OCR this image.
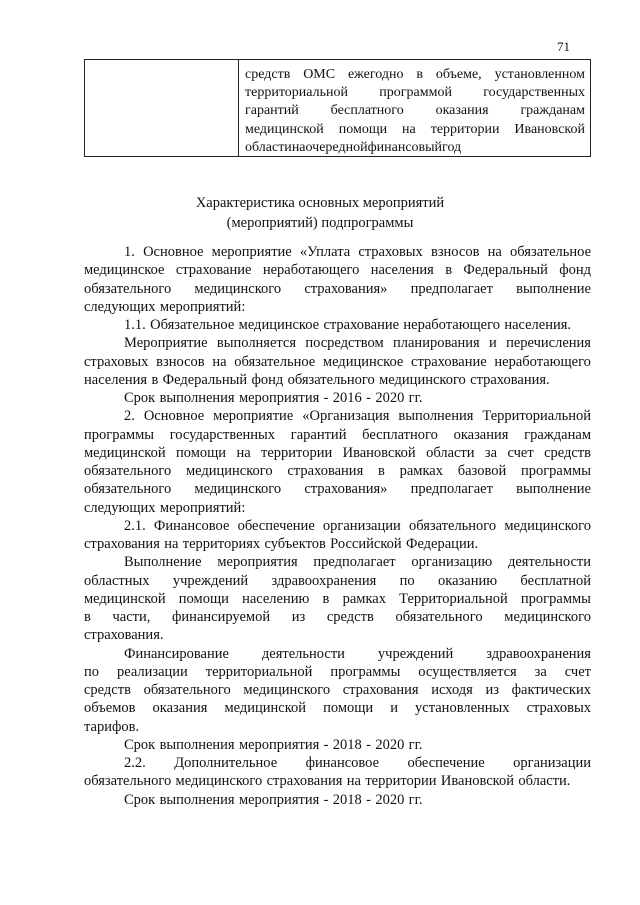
71
средств ОМС ежегодно в объеме, установленном
территориальной программой государственных
гарантий бесплатного оказания гражданам
медицинской помощи на территории Ивановской
области на очередной финансовый год
Характеристика основных мероприятий
(мероприятий) подпрограммы
1. Основное мероприятие «Уплата страховых взносов на обязательное
медицинское страхование неработающего населения в Федеральный фонд
обязательного медицинского страхования» предполагает выполнение
следующих мероприятий:
1.1. Обязательное медицинское страхование неработающего населения.
Мероприятие выполняется посредством планирования и перечисления
страховых взносов на обязательное медицинское страхование неработающего
населения в Федеральный фонд обязательного медицинского страхования.
Срок выполнения мероприятия - 2016 - 2020 гг.
2. Основное мероприятие «Организация выполнения Территориальной
программы государственных гарантий бесплатного оказания гражданам
медицинской помощи на территории Ивановской области за счет средств
обязательного медицинского страхования в рамках базовой программы
обязательного медицинского страхования» предполагает выполнение
следующих мероприятий:
2.1. Финансовое обеспечение организации обязательного медицинского
страхования на территориях субъектов Российской Федерации.
Выполнение мероприятия предполагает организацию деятельности
областных учреждений здравоохранения по оказанию бесплатной
медицинской помощи населению в рамках Территориальной программы
в части, финансируемой из средств обязательного медицинского
страхования.
Финансирование деятельности учреждений здравоохранения
по реализации территориальной программы осуществляется за счет
средств обязательного медицинского страхования исходя из фактических
объемов оказания медицинской помощи и установленных страховых
тарифов.
Срок выполнения мероприятия - 2018 - 2020 гг.
2.2. Дополнительное финансовое обеспечение организации
обязательного медицинского страхования на территории Ивановской области.
Срок выполнения мероприятия - 2018 - 2020 гг.
